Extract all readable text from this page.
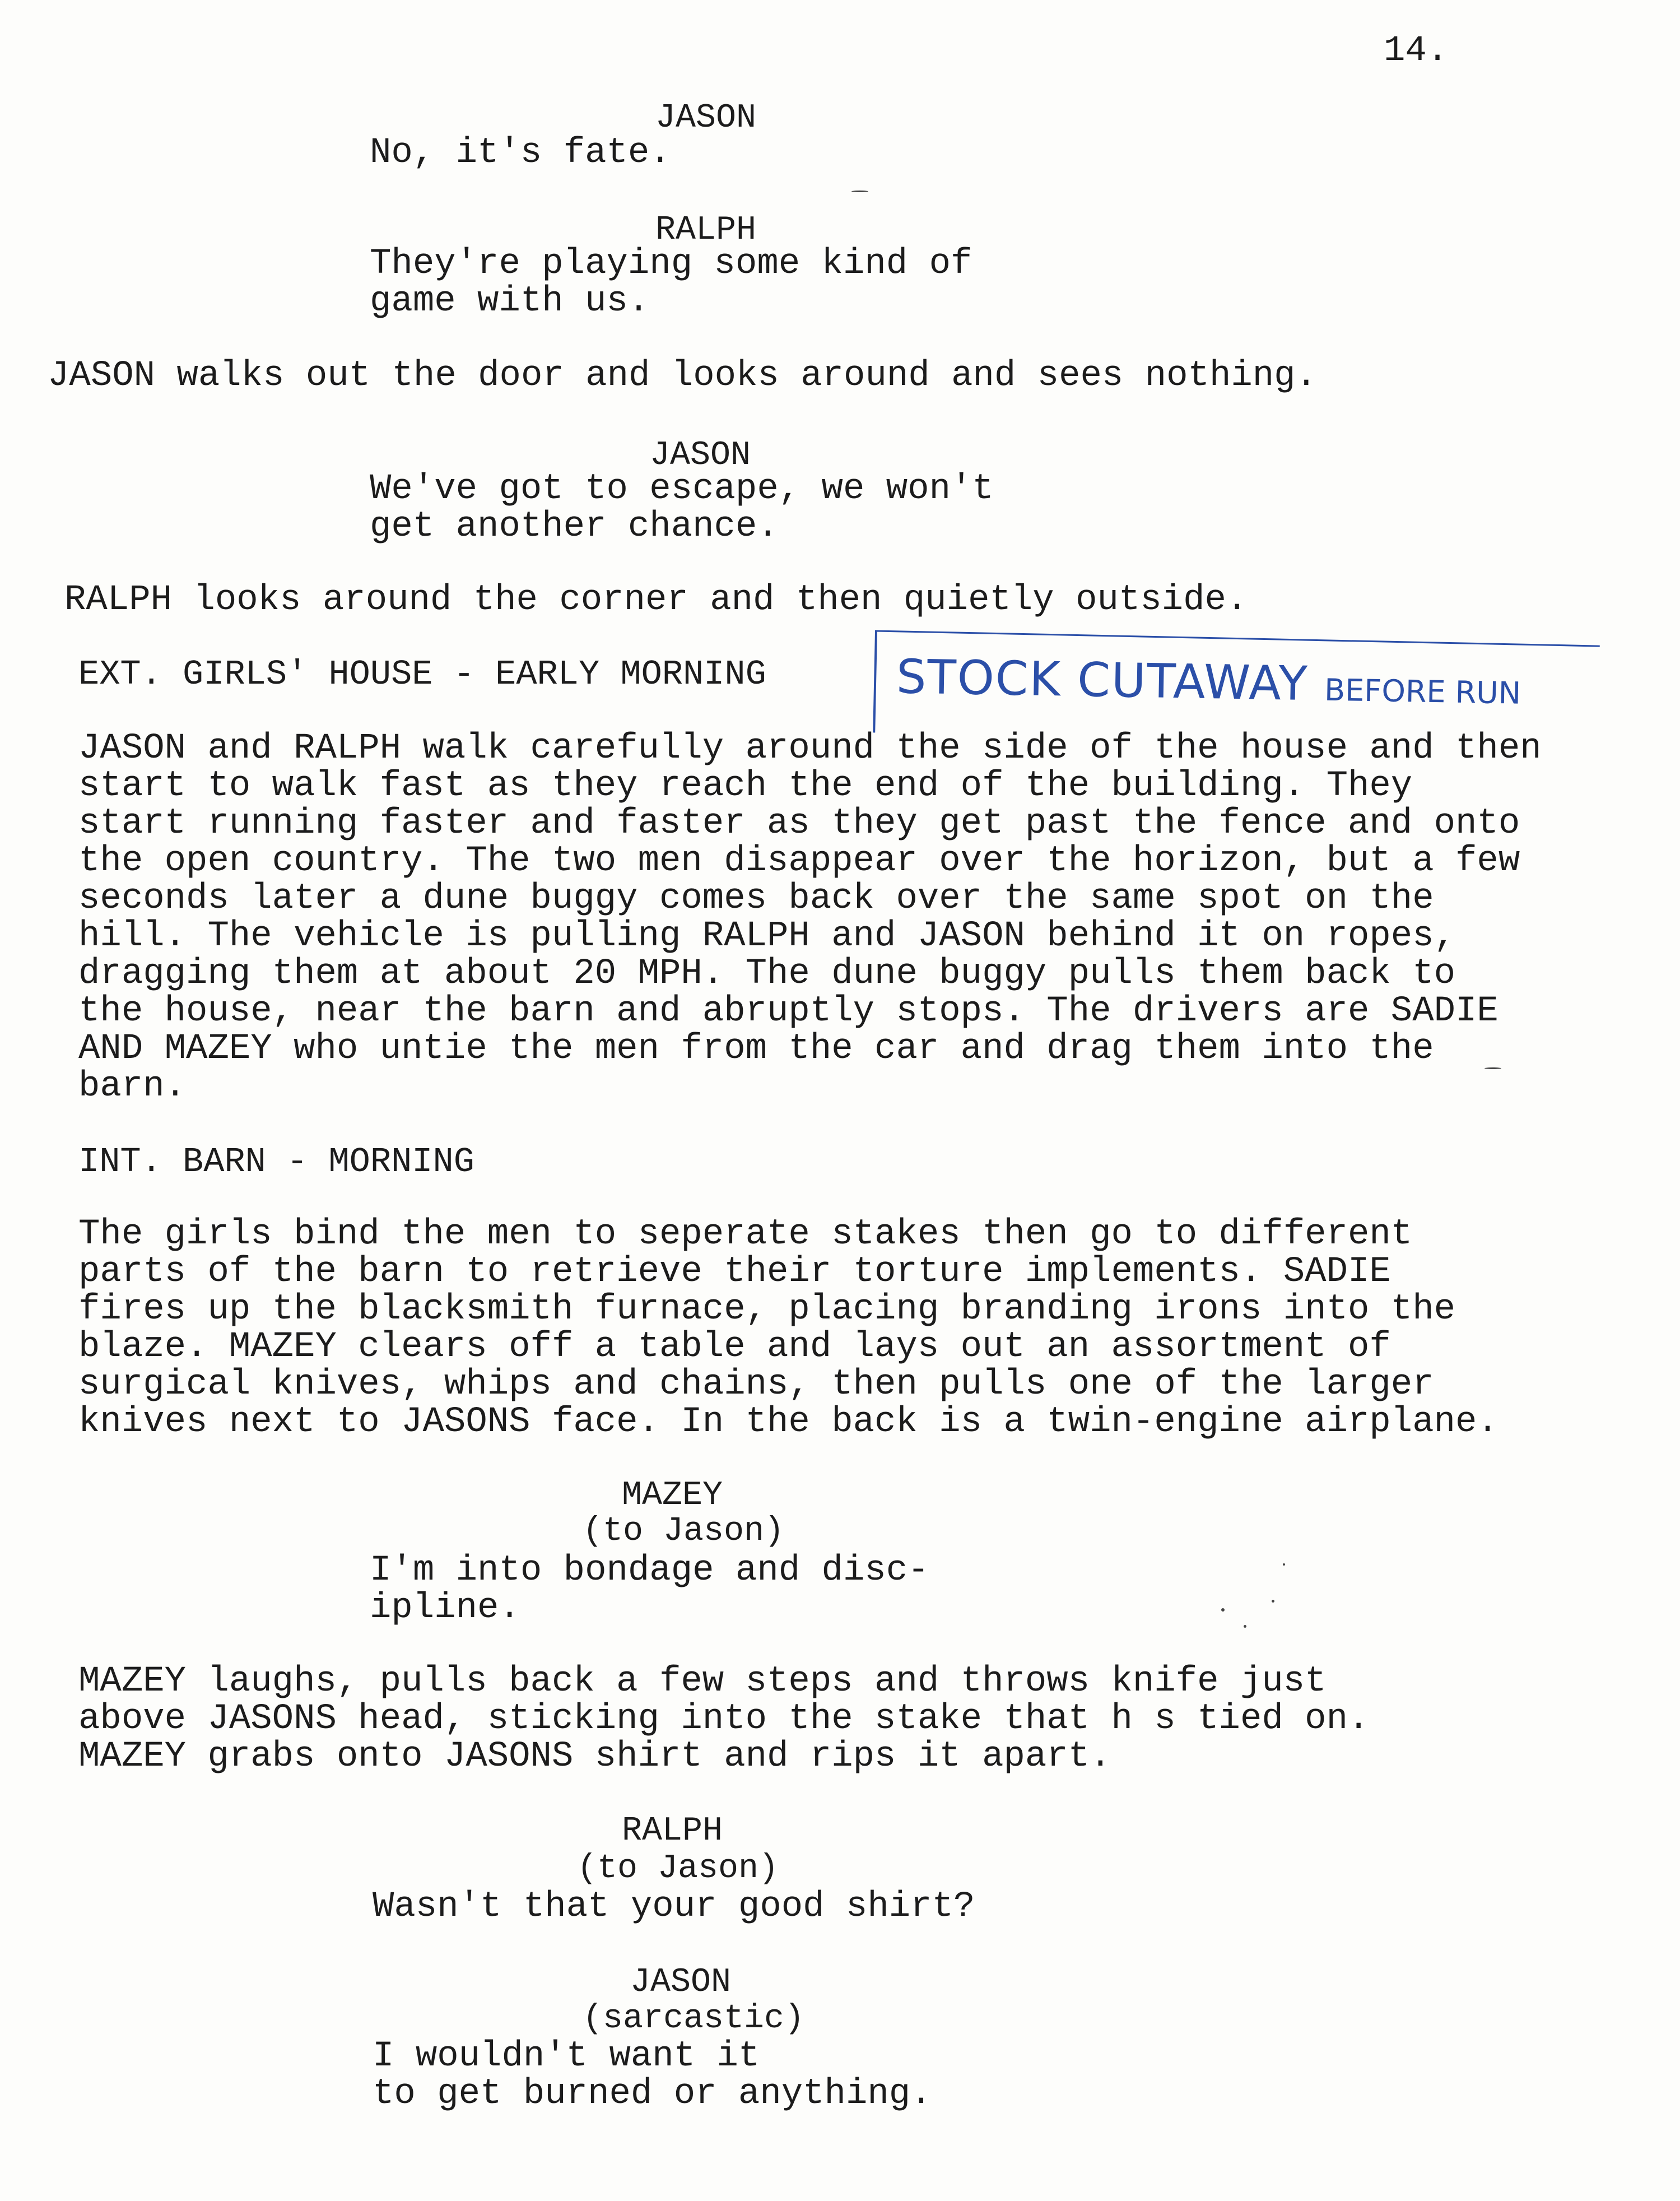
14.
JASON
No, it's fate.
RALPH
They're playing some kind of
game with us.
JASON walks out the door and looks around and sees nothing.
JASON
We've got to escape, we won't
get another chance.
RALPH looks around the corner and then quietly outside.
EXT. GIRLS' HOUSE - EARLY MORNING	STOCK CUTAWAY BEFORE RUN
JASON and RALPH walk carefully around the side of the house and then
start to walk fast as they reach the end of the building. They
start running faster and faster as they get past the fence and onto
the open country. The two men disappear over the horizon, but a few
seconds later a dune buggy comes back over the same spot on the
hill. The vehicle is pulling RALPH and JASON behind it on ropes,
dragging them at about 20 MPH. The dune buggy pulls them back to
the house, near the barn and abruptly stops. The drivers are SADIE
AND MAZEY who untie the men from the car and drag them into the
barn.
INT. BARN - MORNING
The girls bind the men to seperate stakes then go to different
parts of the barn to retrieve their torture implements. SADIE
fires up the blacksmith furnace, placing branding irons into the
blaze. MAZEY clears off a table and lays out an assortment of
surgical knives, whips and chains, then pulls one of the larger
knives next to JASONS face. In the back is a twin-engine airplane.
MAZEY
(to Jason)
I'm into bondage and disc-
ipline.
MAZEY laughs, pulls back a few steps and throws knife just
above JASONS head, sticking into the stake that h s tied on.
MAZEY grabs onto JASONS shirt and rips it apart.
RALPH
(to Jason)
Wasn't that your good shirt?
JASON
(sarcastic)
I wouldn't want it
to get burned or anything.
